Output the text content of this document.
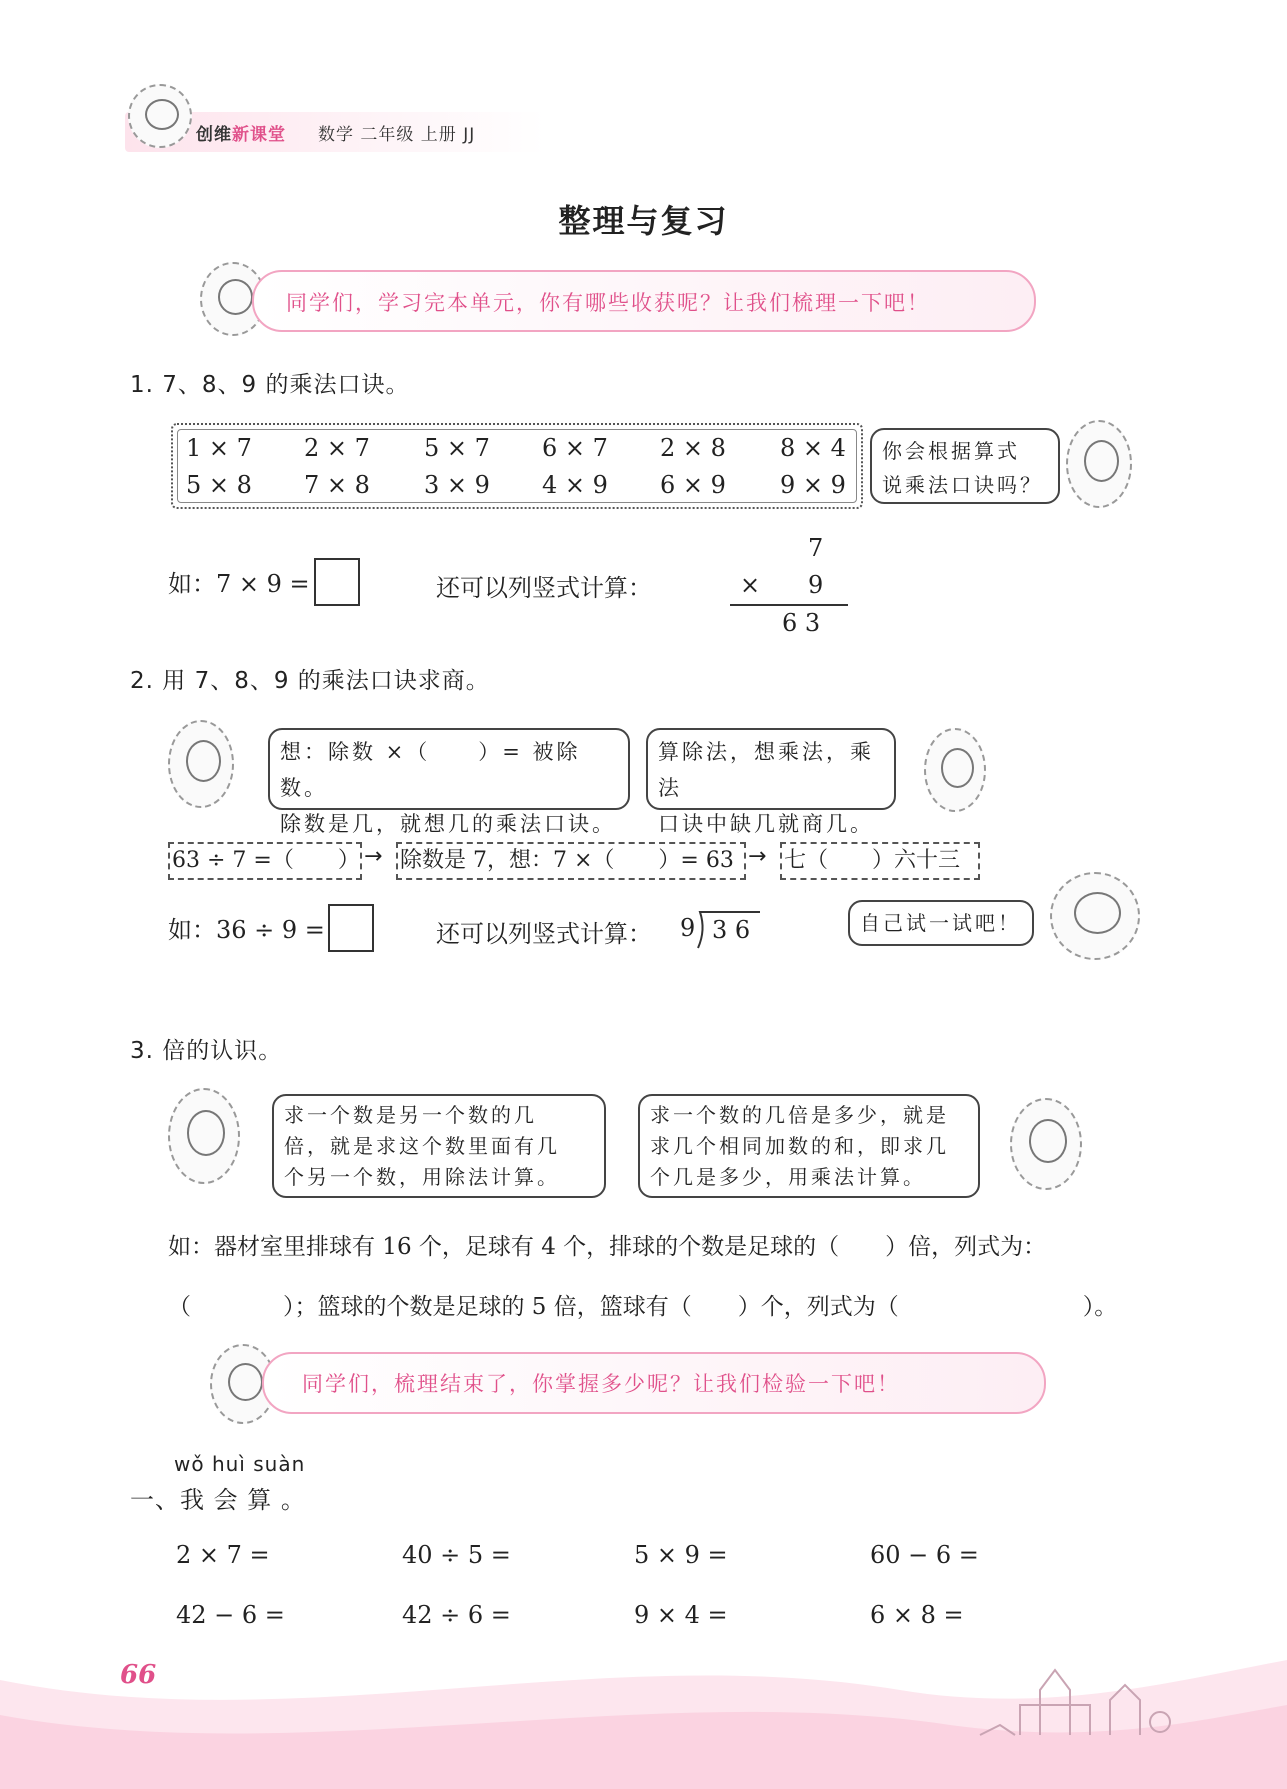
创维新课堂 数学 二年级 上册 JJ
整理与复习
同学们，学习完本单元，你有哪些收获呢？让我们梳理一下吧！
1. 7、8、9 的乘法口诀。
1 × 7 2 × 7 5 × 7 6 × 7 2 × 8 8 × 4
5 × 8 7 × 8 3 × 9 4 × 9 6 × 9 9 × 9
你会根据算式
说乘法口诀吗？
如：7 × 9 =	还可以列竖式计算：
7
× 9
6 3
2. 用 7、8、9 的乘法口诀求商。
想：除数 ×（　　）= 被除数。
除数是几，就想几的乘法口诀。
算除法，想乘法，乘法
口诀中缺几就商几。
63 ÷ 7 =（　　） → 除数是 7，想：7 ×（　　）= 63 → 七（　　）六十三
如：36 ÷ 9 =	还可以列竖式计算： 9 3 6	自己试一试吧！
3. 倍的认识。
求一个数是另一个数的几
倍，就是求这个数里面有几
个另一个数，用除法计算。
求一个数的几倍是多少，就是
求几个相同加数的和，即求几
个几是多少，用乘法计算。
如：器材室里排球有 16 个，足球有 4 个，排球的个数是足球的（　　）倍，列式为：
（　　　　）；篮球的个数是足球的 5 倍，篮球有（　　）个，列式为（　　　　　　　　）。
同学们，梳理结束了，你掌握多少呢？让我们检验一下吧！
wǒ huì suàn
一、我 会 算 。
2 × 7 =	40 ÷ 5 =	5 × 9 =	60 − 6 =
42 − 6 =	42 ÷ 6 =	9 × 4 =	6 × 8 =
66
